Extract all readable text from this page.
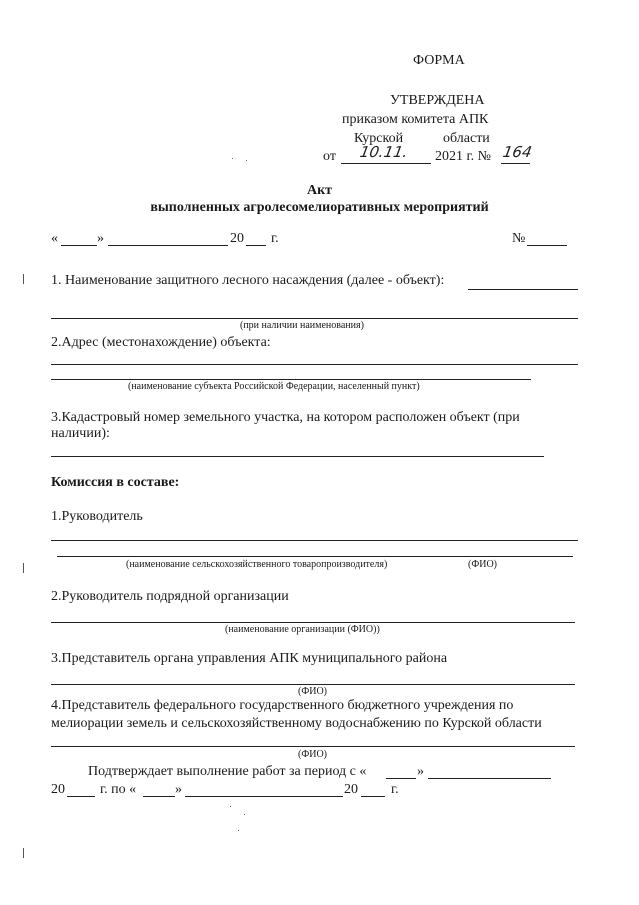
ФОРМА
УТВЕРЖДЕНА
приказом комитета АПК
Курской	области
от 10.11. 2021 г. № 164
Акт
выполненных агролесомелиоративных мероприятий
«	»	20 г.	№
1. Наименование защитного лесного насаждения (далее - объект):
(при наличии наименования)
2.Адрес (местонахождение) объекта:
(наименование субъекта Российской Федерации, населенный пункт)
3.Кадастровый номер земельного участка, на котором расположен объект (при
наличии):
Комиссия в составе:
1.Руководитель
(наименование сельскохозяйственного товаропроизводителя)	(ФИО)
2.Руководитель подрядной организации
(наименование организации (ФИО))
3.Представитель органа управления АПК муниципального района
(ФИО)
4.Представитель федерального государственного бюджетного учреждения по
мелиорации земель и сельскохозяйственному водоснабжению по Курской области
(ФИО)
Подтверждает выполнение работ за период с «	»
20	г. по «	»	20 г.
